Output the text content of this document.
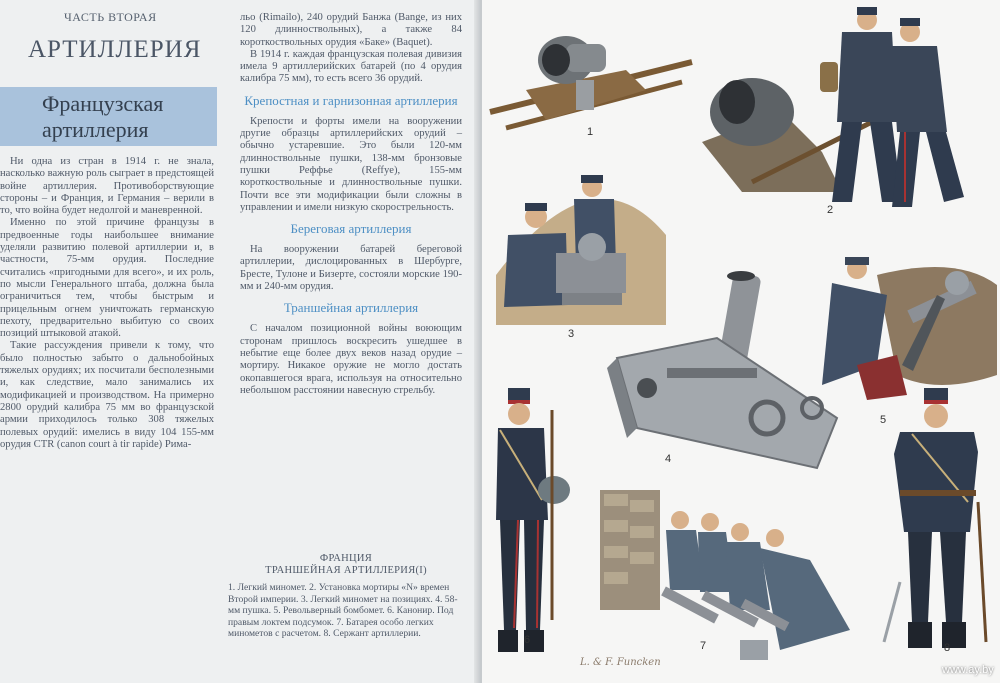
ЧАСТЬ ВТОРАЯ
АРТИЛЛЕРИЯ
Французская артиллерия

Ни одна из стран в 1914 г. не знала, насколько важную роль сыграет в предстоящей войне артиллерия. Противоборствующие стороны – и Франция, и Германия – верили в то, что война будет недолгой и маневренной.

Именно по этой причине французы в предвоенные годы наибольшее внимание уделяли развитию полевой артиллерии и, в частности, 75-мм орудия. Последние считались «пригодными для всего», и их роль, по мысли Генерального штаба, должна была ограничиться тем, чтобы быстрым и прицельным огнем уничтожать германскую пехоту, предварительно выбитую со своих позиций штыковой атакой.

Такие рассуждения привели к тому, что было полностью забыто о дальнобойных тяжелых орудиях; их посчитали бесполезными и, как следствие, мало занимались их модификацией и производством. На примерно 2800 орудий калибра 75 мм во французской армии приходилось только 308 тяжелых полевых орудий: имелись в виду 104 155-мм орудия CTR (canon court à tir rapide) Рима-

льо (Rimailo), 240 орудий Банжа (Bange, из них 120 длинноствольных), а также 84 короткоствольных орудия «Баке» (Baquet).

В 1914 г. каждая французская полевая дивизия имела 9 артиллерийских батарей (по 4 орудия калибра 75 мм), то есть всего 36 орудий.

Крепостная и гарнизонная артиллерия

Крепости и форты имели на вооружении другие образцы артиллерийских орудий – обычно устаревшие. Это были 120-мм длинноствольные пушки, 138-мм бронзовые пушки Реффье (Reffye), 155-мм короткоствольные и длинноствольные пушки. Почти все эти модификации были сложны в управлении и имели низкую скорострельность.

Береговая артиллерия

На вооружении батарей береговой артиллерии, дислоцированных в Шербурге, Бресте, Тулоне и Бизерте, состояли морские 190-мм и 240-мм орудия.

Траншейная артиллерия

С началом позиционной войны воюющим сторонам пришлось воскресить ушедшее в небытие еще более двух веков назад орудие – мортиру. Никакое оружие не могло достать окопавшегося врага, используя на относительно небольшом расстоянии навесную стрельбу.

ФРАНЦИЯ
ТРАНШЕЙНАЯ АРТИЛЛЕРИЯ(I)
1. Легкий миномет. 2. Установка мортиры «N» времен Второй империи. 3. Легкий миномет на позициях. 4. 58-мм пушка. 5. Револьверный бомбомет. 6. Канонир. Под правым локтем подсумок. 7. Батарея особо легких минометов с расчетом. 8. Сержант артиллерии.
1
2
3
4
5
6	7	8
L. & F. Funcken
www.ay.by
